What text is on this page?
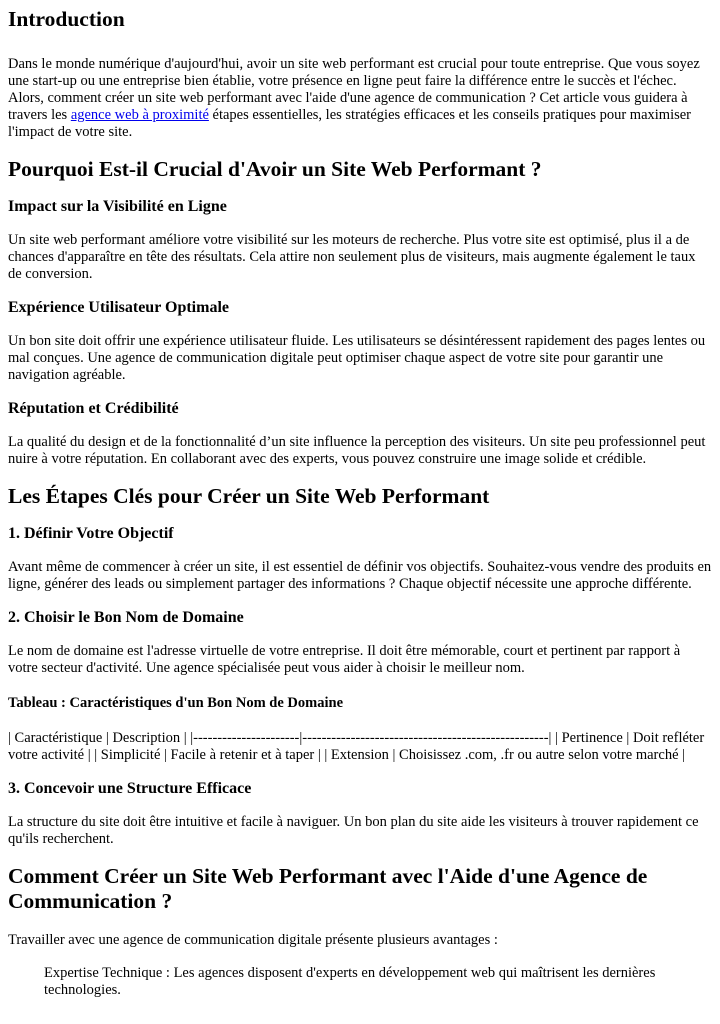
Introduction

Dans le monde numérique d'aujourd'hui, avoir un site web performant est crucial pour toute entreprise. Que vous soyez une start-up ou une entreprise bien établie, votre présence en ligne peut faire la différence entre le succès et l'échec. Alors, comment créer un site web performant avec l'aide d'une agence de communication ? Cet article vous guidera à travers les agence web à proximité étapes essentielles, les stratégies efficaces et les conseils pratiques pour maximiser l'impact de votre site.

Pourquoi Est-il Crucial d'Avoir un Site Web Performant ?
Impact sur la Visibilité en Ligne

Un site web performant améliore votre visibilité sur les moteurs de recherche. Plus votre site est optimisé, plus il a de chances d'apparaître en tête des résultats. Cela attire non seulement plus de visiteurs, mais augmente également le taux de conversion.

Expérience Utilisateur Optimale

Un bon site doit offrir une expérience utilisateur fluide. Les utilisateurs se désintéressent rapidement des pages lentes ou mal conçues. Une agence de communication digitale peut optimiser chaque aspect de votre site pour garantir une navigation agréable.

Réputation et Crédibilité

La qualité du design et de la fonctionnalité d’un site influence la perception des visiteurs. Un site peu professionnel peut nuire à votre réputation. En collaborant avec des experts, vous pouvez construire une image solide et crédible.

Les Étapes Clés pour Créer un Site Web Performant
1. Définir Votre Objectif

Avant même de commencer à créer un site, il est essentiel de définir vos objectifs. Souhaitez-vous vendre des produits en ligne, générer des leads ou simplement partager des informations ? Chaque objectif nécessite une approche différente.

2. Choisir le Bon Nom de Domaine

Le nom de domaine est l'adresse virtuelle de votre entreprise. Il doit être mémorable, court et pertinent par rapport à votre secteur d'activité. Une agence spécialisée peut vous aider à choisir le meilleur nom.

Tableau : Caractéristiques d'un Bon Nom de Domaine

| Caractéristique | Description | |----------------------|---------------------------------------------------| | Pertinence | Doit refléter votre activité | | Simplicité | Facile à retenir et à taper | | Extension | Choisissez .com, .fr ou autre selon votre marché |

3. Concevoir une Structure Efficace

La structure du site doit être intuitive et facile à naviguer. Un bon plan du site aide les visiteurs à trouver rapidement ce qu'ils recherchent.

Comment Créer un Site Web Performant avec l'Aide d'une Agence de Communication ?

Travailler avec une agence de communication digitale présente plusieurs avantages :

Expertise Technique : Les agences disposent d'experts en développement web qui maîtrisent les dernières technologies.
